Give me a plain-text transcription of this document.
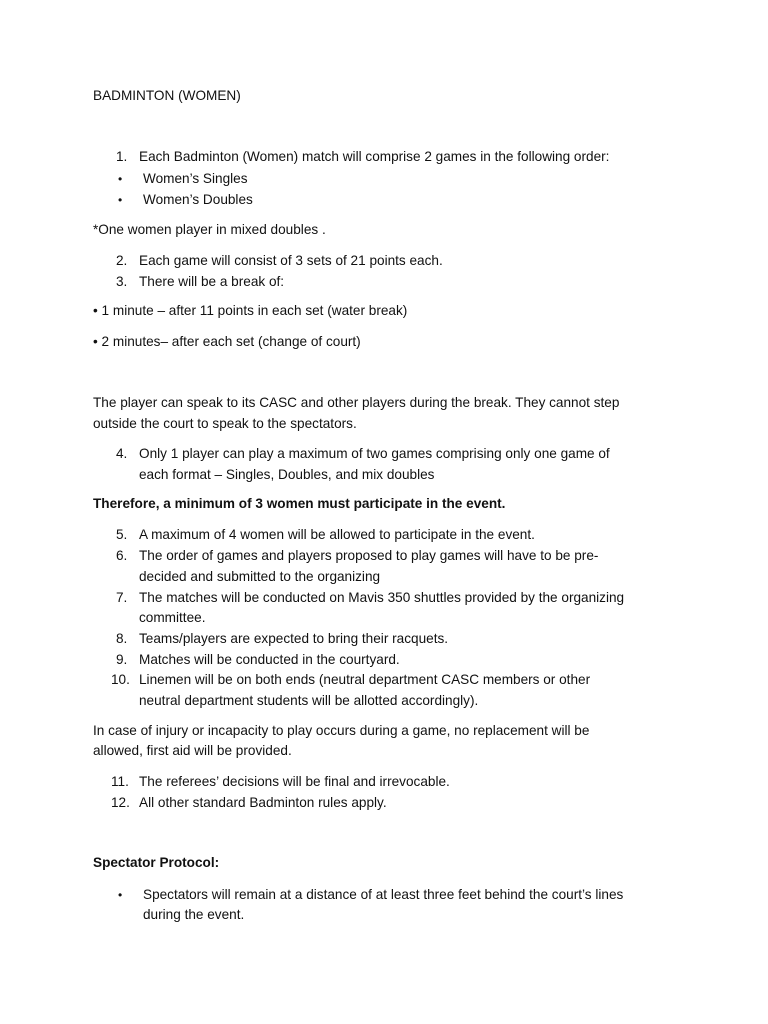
BADMINTON (WOMEN)
1. Each Badminton (Women) match will comprise 2 games in the following order:
• Women’s Singles
• Women’s Doubles
*One women player in mixed doubles .
2. Each game will consist of 3 sets of 21 points each.
3. There will be a break of:
• 1 minute – after 11 points in each set (water break)
• 2 minutes– after each set (change of court)
The player can speak to its CASC and other players during the break. They cannot step
outside the court to speak to the spectators.
4. Only 1 player can play a maximum of two games comprising only one game of
each format – Singles, Doubles, and mix doubles
Therefore, a minimum of 3 women must participate in the event.
5. A maximum of 4 women will be allowed to participate in the event.
6. The order of games and players proposed to play games will have to be pre-
decided and submitted to the organizing
7. The matches will be conducted on Mavis 350 shuttles provided by the organizing
committee.
8. Teams/players are expected to bring their racquets.
9. Matches will be conducted in the courtyard.
10. Linemen will be on both ends (neutral department CASC members or other
neutral department students will be allotted accordingly).
In case of injury or incapacity to play occurs during a game, no replacement will be
allowed, first aid will be provided.
11. The referees’ decisions will be final and irrevocable.
12. All other standard Badminton rules apply.
Spectator Protocol:
• Spectators will remain at a distance of at least three feet behind the court’s lines
during the event.
